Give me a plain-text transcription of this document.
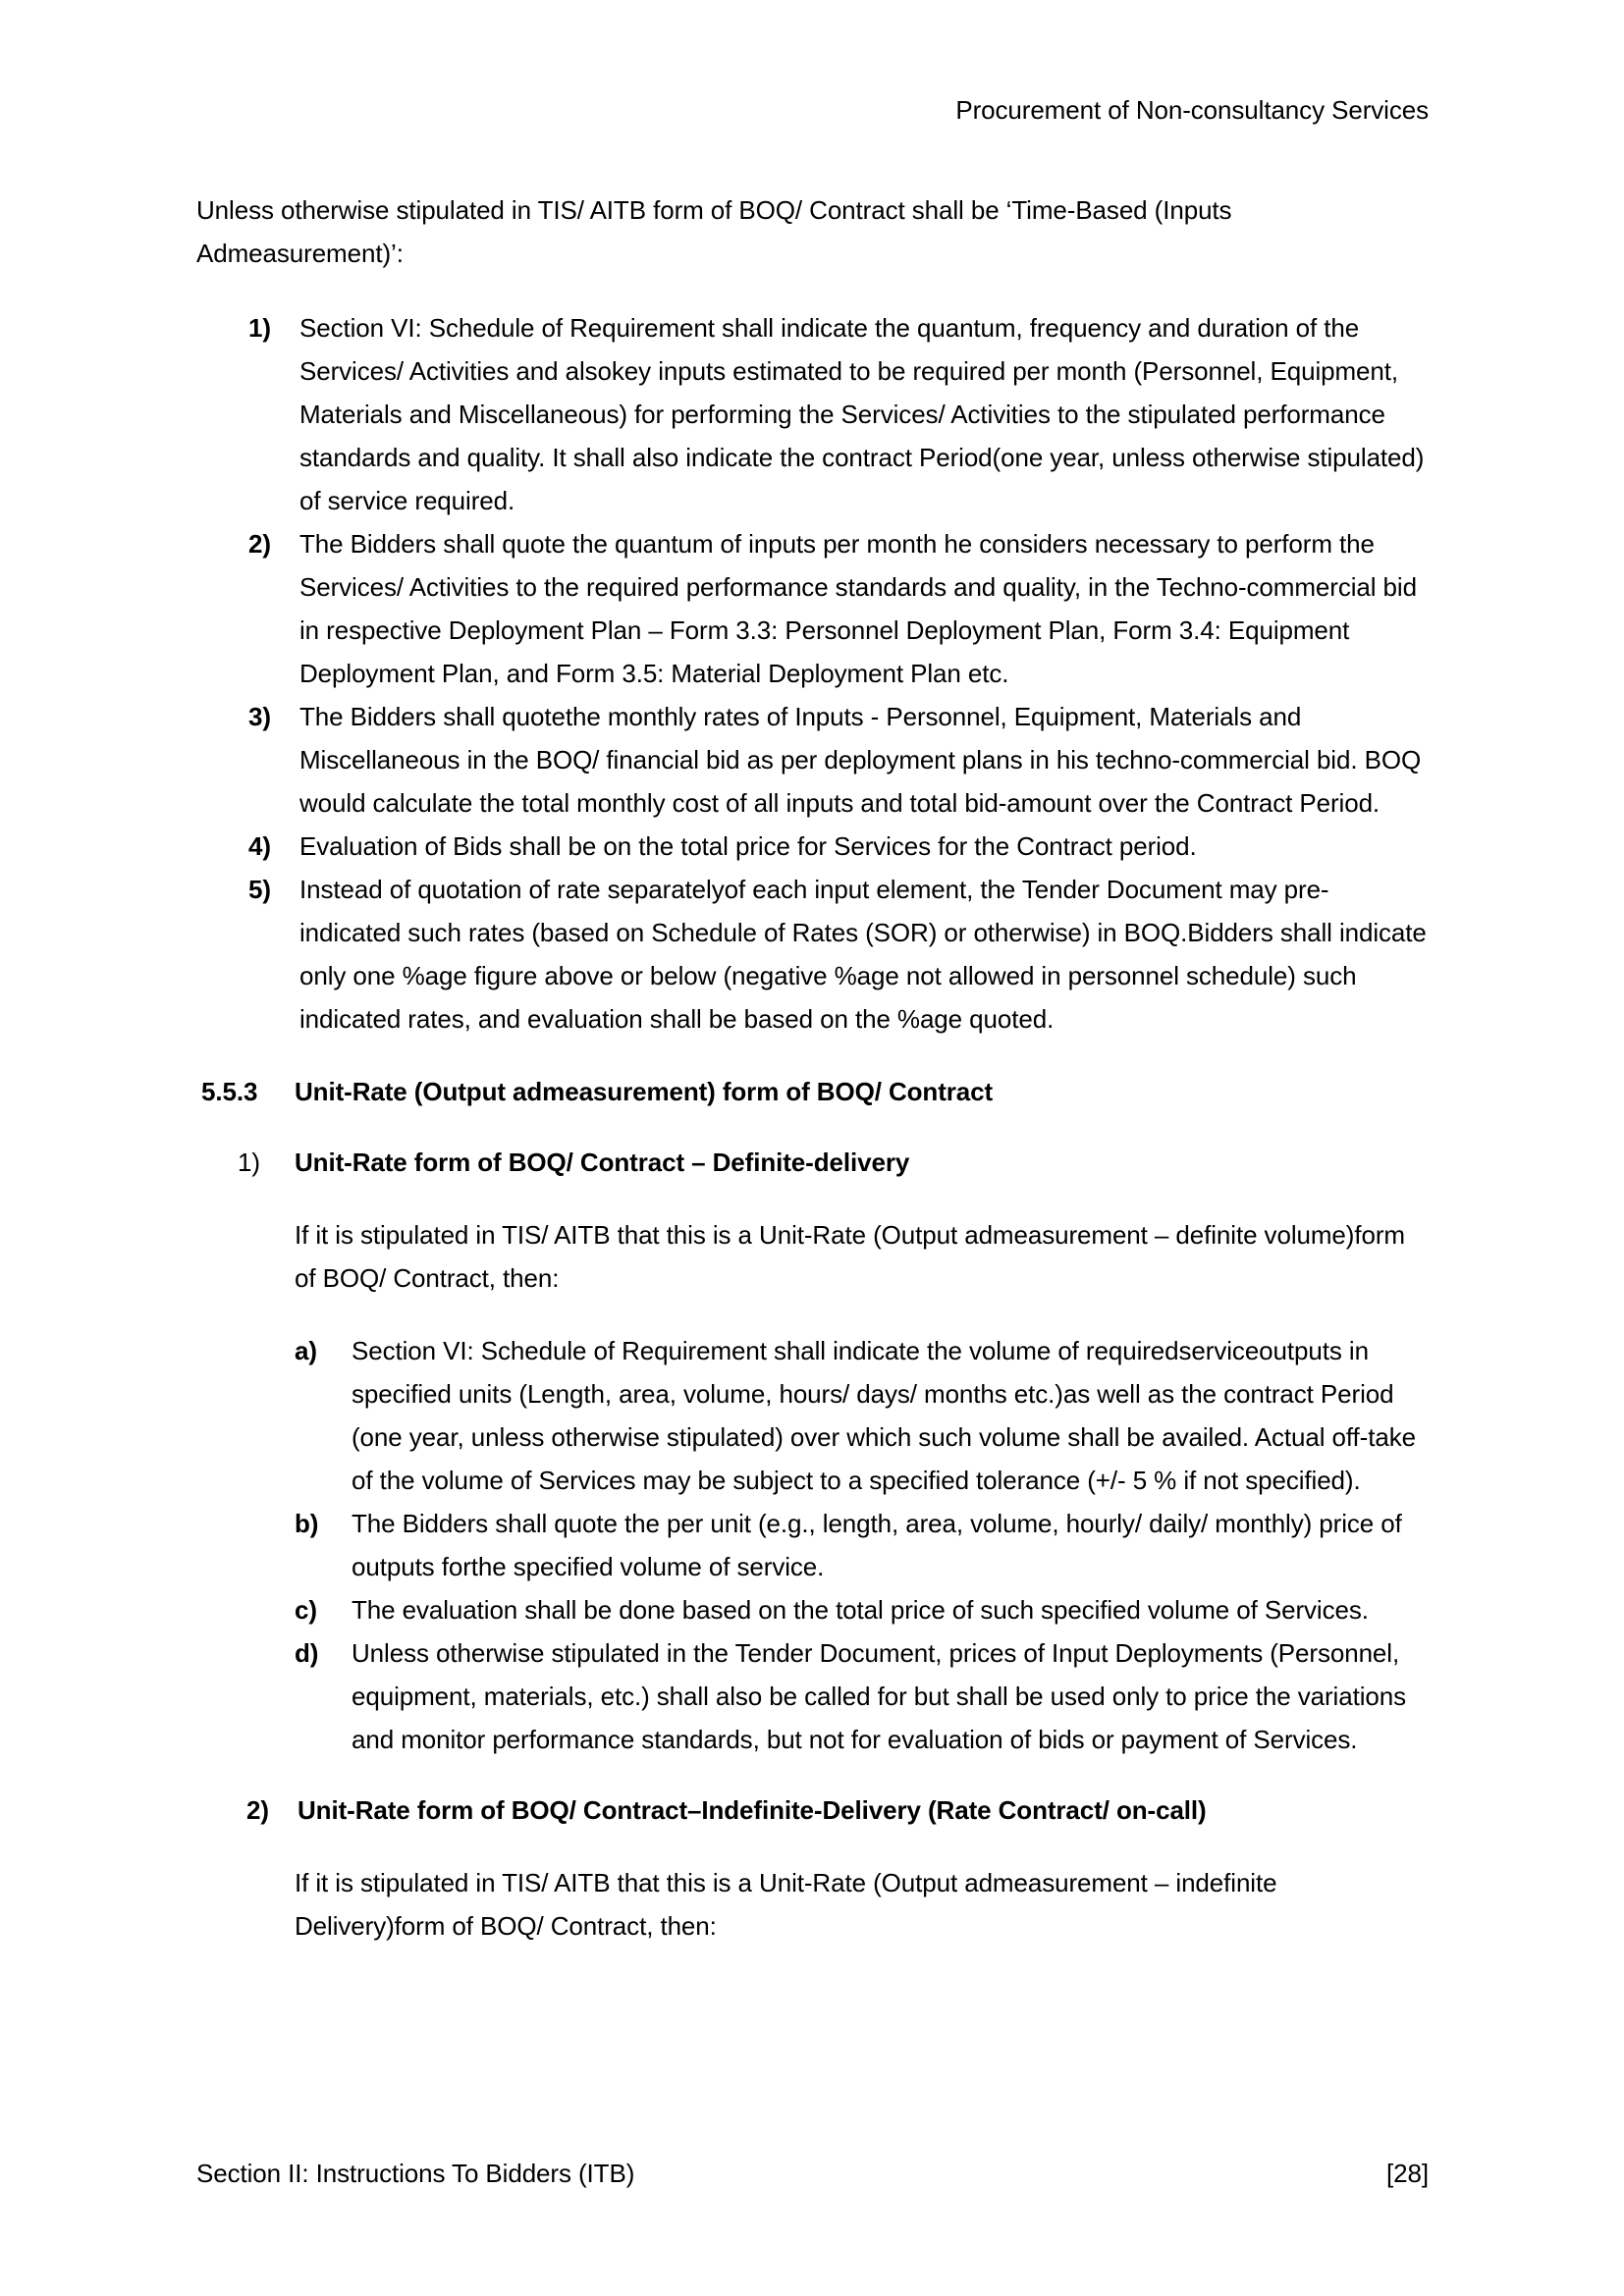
Procurement of Non-consultancy Services

Unless otherwise stipulated in TIS/ AITB form of BOQ/ Contract shall be ‘Time-Based (Inputs Admeasurement)’:

1)	Section VI: Schedule of Requirement shall indicate the quantum, frequency and duration of the Services/ Activities and alsokey inputs estimated to be required per month (Personnel, Equipment, Materials and Miscellaneous) for performing the Services/ Activities to the stipulated performance standards and quality. It shall also indicate the contract Period(one year, unless otherwise stipulated) of service required.
2)	The Bidders shall quote the quantum of inputs per month he considers necessary to perform the Services/ Activities to the required performance standards and quality, in the Techno-commercial bid in respective Deployment Plan – Form 3.3: Personnel Deployment Plan, Form 3.4: Equipment Deployment Plan, and Form 3.5: Material Deployment Plan etc.
3)	The Bidders shall quotethe monthly rates of Inputs - Personnel, Equipment, Materials and Miscellaneous in the BOQ/ financial bid as per deployment plans in his techno-commercial bid. BOQ would calculate the total monthly cost of all inputs and total bid-amount over the Contract Period.
4)	Evaluation of Bids shall be on the total price for Services for the Contract period.
5)	Instead of quotation of rate separatelyof each input element, the Tender Document may pre-indicated such rates (based on Schedule of Rates (SOR) or otherwise) in BOQ.Bidders shall indicate only one %age figure above or below (negative %age not allowed in personnel schedule) such indicated rates, and evaluation shall be based on the %age quoted.
5.5.3	Unit-Rate (Output admeasurement) form of BOQ/ Contract
1)	Unit-Rate form of BOQ/ Contract – Definite-delivery

If it is stipulated in TIS/ AITB that this is a Unit-Rate (Output admeasurement – definite volume)form of BOQ/ Contract, then:

a)	Section VI: Schedule of Requirement shall indicate the volume of requiredserviceoutputs in specified units (Length, area, volume, hours/ days/ months etc.)as well as the contract Period (one year, unless otherwise stipulated) over which such volume shall be availed. Actual off-take of the volume of Services may be subject to a specified tolerance (+/- 5 % if not specified).
b)	The Bidders shall quote the per unit (e.g., length, area, volume, hourly/ daily/ monthly) price of outputs forthe specified volume of service.
c)	The evaluation shall be done based on the total price of such specified volume of Services.
d)	Unless otherwise stipulated in the Tender Document, prices of Input Deployments (Personnel, equipment, materials, etc.) shall also be called for but shall be used only to price the variations and monitor performance standards, but not for evaluation of bids or payment of Services.
2)	Unit-Rate form of BOQ/ Contract–Indefinite-Delivery (Rate Contract/ on-call)

If it is stipulated in TIS/ AITB that this is a Unit-Rate (Output admeasurement – indefinite Delivery)form of BOQ/ Contract, then:

Section II: Instructions To Bidders (ITB)	[28]
